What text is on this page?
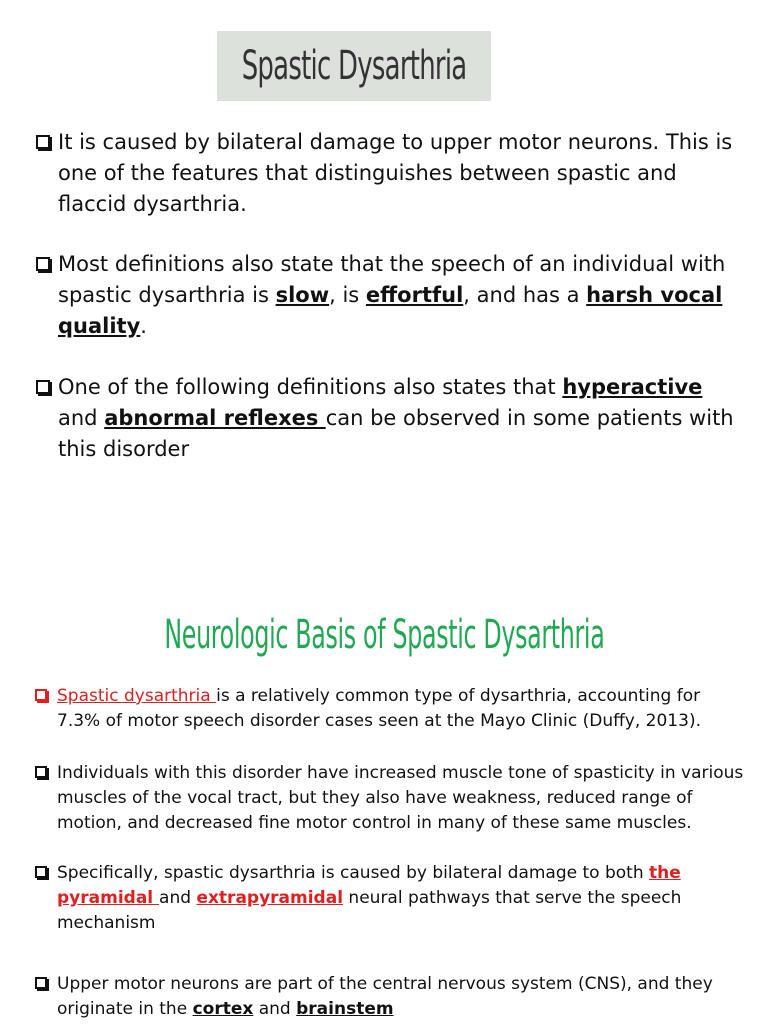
Spastic Dysarthria
It is caused by bilateral damage to upper motor neurons. This is one of the features that distinguishes between spastic and flaccid dysarthria.
Most definitions also state that the speech of an individual with spastic dysarthria is slow, is effortful, and has a harsh vocal quality.
One of the following definitions also states that hyperactive and abnormal reflexes can be observed in some patients with this disorder
Neurologic Basis of Spastic Dysarthria
Spastic dysarthria is a relatively common type of dysarthria, accounting for 7.3% of motor speech disorder cases seen at the Mayo Clinic (Duffy, 2013).
Individuals with this disorder have increased muscle tone of spasticity in various muscles of the vocal tract, but they also have weakness, reduced range of motion, and decreased fine motor control in many of these same muscles.
Specifically, spastic dysarthria is caused by bilateral damage to both the pyramidal and extrapyramidal neural pathways that serve the speech mechanism
Upper motor neurons are part of the central nervous system (CNS), and they originate in the cortex and brainstem
